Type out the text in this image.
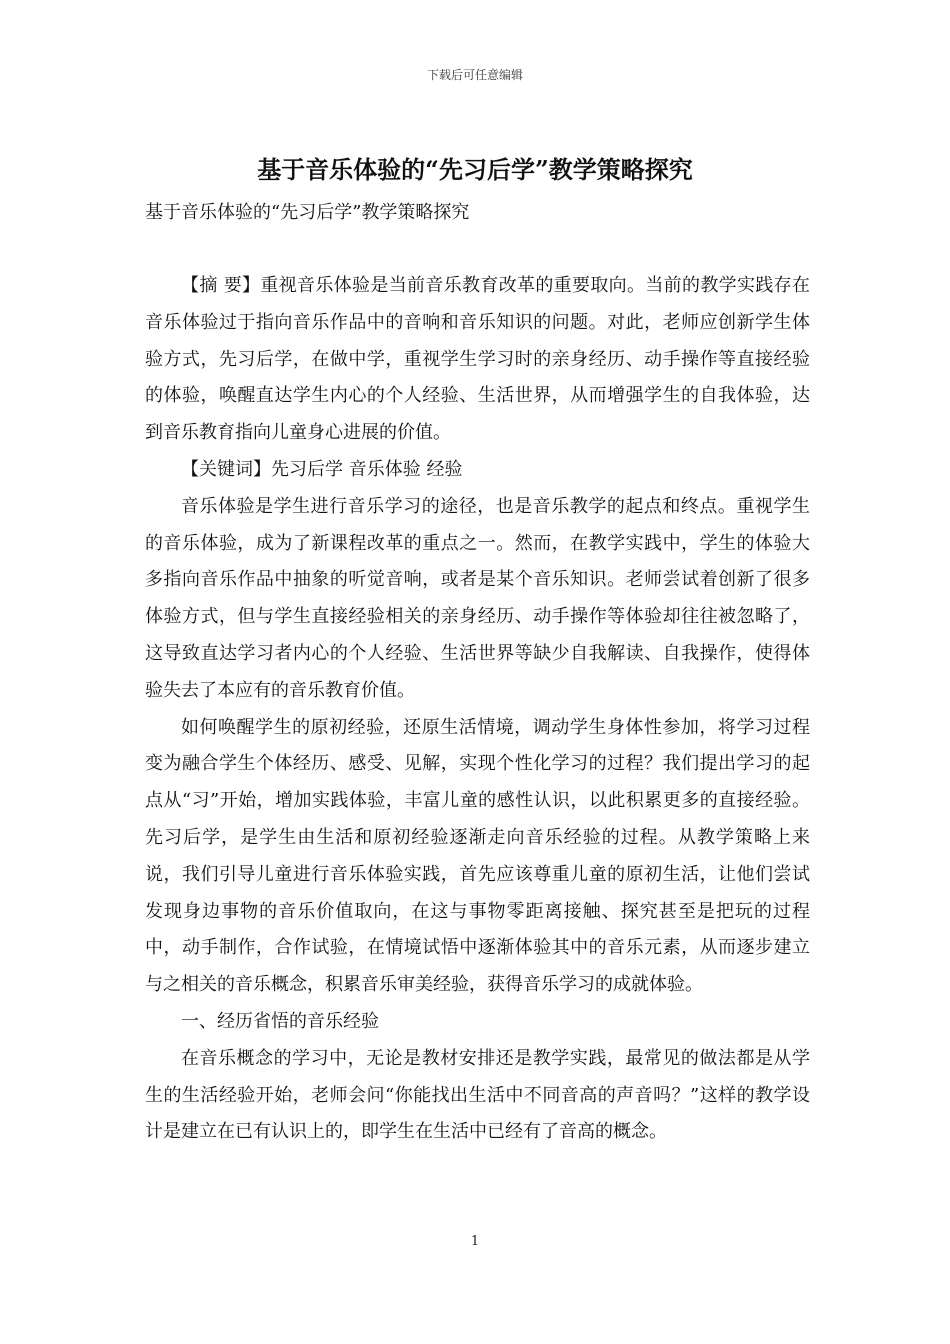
下载后可任意编辑
基于音乐体验的“先习后学”教学策略探究

基于音乐体验的“先习后学”教学策略探究

【摘 要】重视音乐体验是当前音乐教育改革的重要取向。当前的教学实践存在音乐体验过于指向音乐作品中的音响和音乐知识的问题。对此，老师应创新学生体验方式，先习后学，在做中学，重视学生学习时的亲身经历、动手操作等直接经验的体验，唤醒直达学生内心的个人经验、生活世界，从而增强学生的自我体验，达到音乐教育指向儿童身心进展的价值。

【关键词】先习后学 音乐体验 经验

音乐体验是学生进行音乐学习的途径，也是音乐教学的起点和终点。重视学生的音乐体验，成为了新课程改革的重点之一。然而，在教学实践中，学生的体验大多指向音乐作品中抽象的听觉音响，或者是某个音乐知识。老师尝试着创新了很多体验方式，但与学生直接经验相关的亲身经历、动手操作等体验却往往被忽略了，这导致直达学习者内心的个人经验、生活世界等缺少自我解读、自我操作，使得体验失去了本应有的音乐教育价值。

如何唤醒学生的原初经验，还原生活情境，调动学生身体性参加，将学习过程变为融合学生个体经历、感受、见解，实现个性化学习的过程？我们提出学习的起点从“习”开始，增加实践体验，丰富儿童的感性认识，以此积累更多的直接经验。先习后学，是学生由生活和原初经验逐渐走向音乐经验的过程。从教学策略上来说，我们引导儿童进行音乐体验实践，首先应该尊重儿童的原初生活，让他们尝试发现身边事物的音乐价值取向，在这与事物零距离接触、探究甚至是把玩的过程中，动手制作，合作试验，在情境试悟中逐渐体验其中的音乐元素，从而逐步建立与之相关的音乐概念，积累音乐审美经验，获得音乐学习的成就体验。

一、经历省悟的音乐经验

在音乐概念的学习中，无论是教材安排还是教学实践，最常见的做法都是从学生的生活经验开始，老师会问“你能找出生活中不同音高的声音吗？”这样的教学设计是建立在已有认识上的，即学生在生活中已经有了音高的概念。

1
